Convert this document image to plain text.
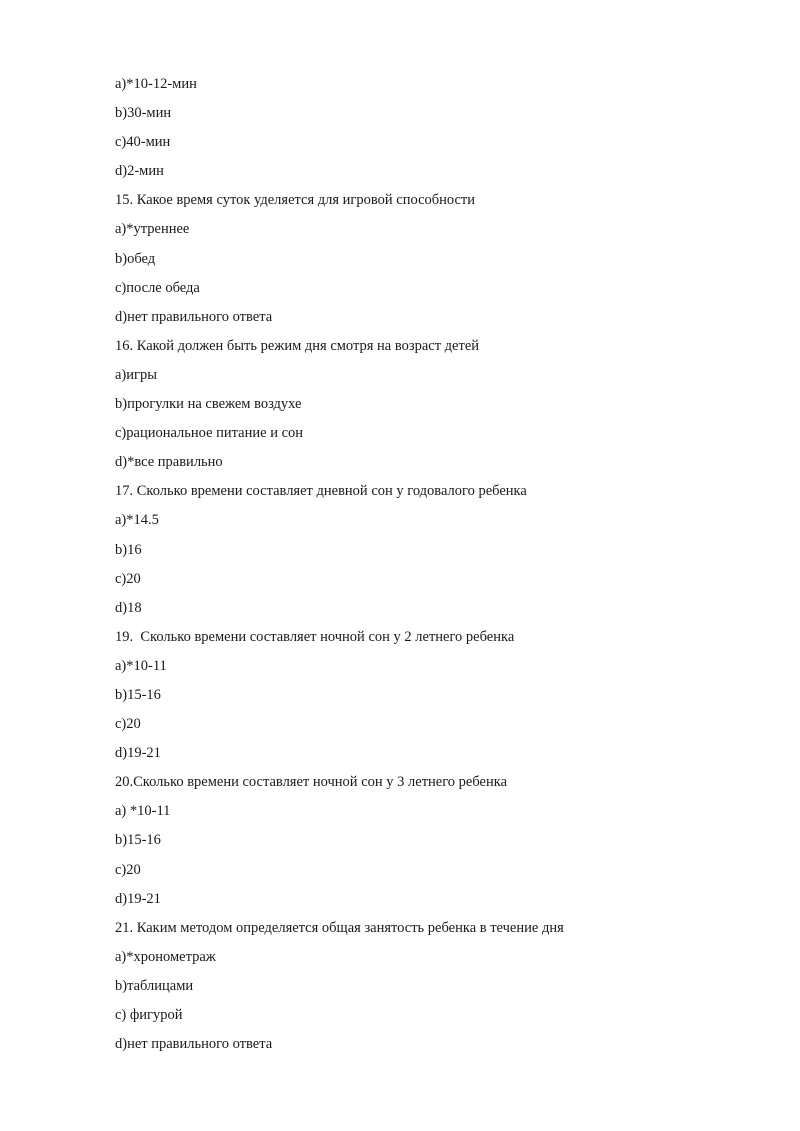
a)*10-12-мин
b)30-мин
c)40-мин
d)2-мин
15. Какое время суток уделяется для игровой способности
a)*утреннее
b)обед
c)после обеда
d)нет правильного ответа
16. Какой должен быть режим дня смотря на возраст детей
a)игры
b)прогулки на свежем воздухе
c)рациональное питание и сон
d)*все правильно
17. Сколько времени составляет дневной сон у годовалого ребенка
a)*14.5
b)16
c)20
d)18
19.  Сколько времени составляет ночной сон у 2 летнего ребенка
a)*10-11
b)15-16
c)20
d)19-21
20.Сколько времени составляет ночной сон у 3 летнего ребенка
a) *10-11
b)15-16
c)20
d)19-21
21. Каким методом определяется общая занятость ребенка в течение дня
a)*хронометраж
b)таблицами
c) фигурой
d)нет правильного ответа
